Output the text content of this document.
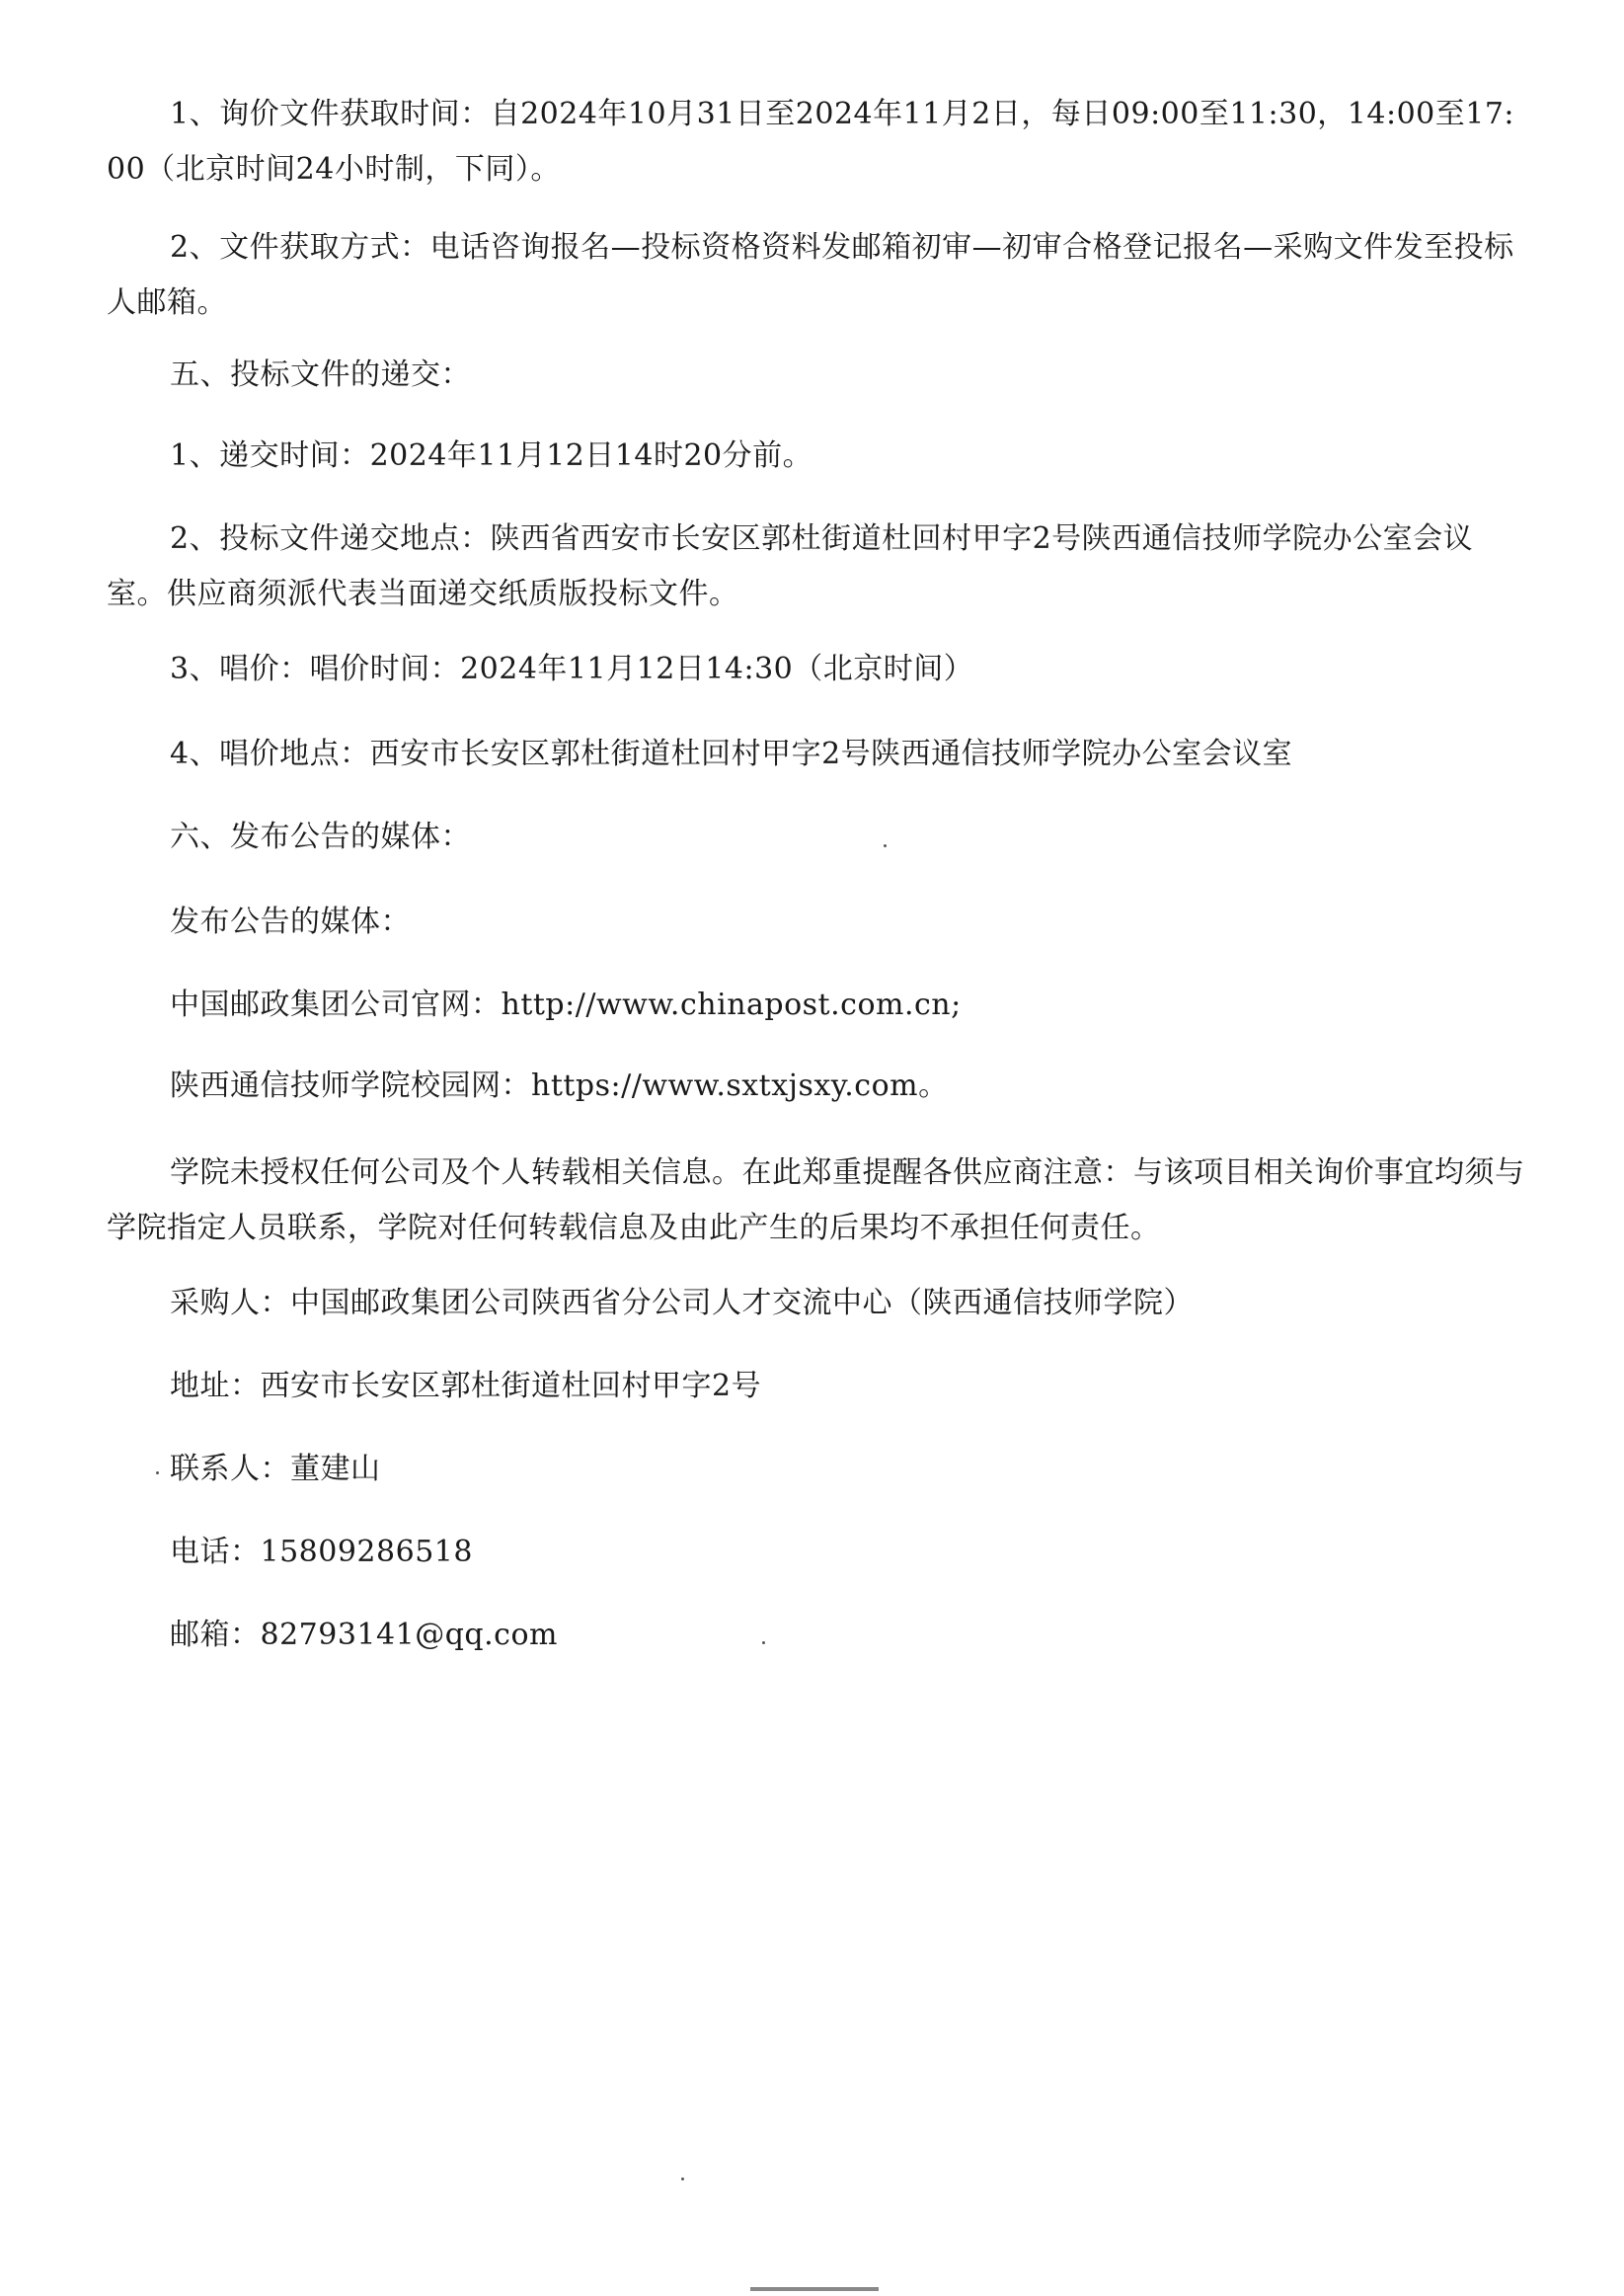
1、询价文件获取时间：自2024年10月31日至2024年11月2日，每日09:00至11:30，14:00至17:00（北京时间24小时制，下同）。

2、文件获取方式：电话咨询报名—投标资格资料发邮箱初审—初审合格登记报名—采购文件发至投标人邮箱。

五、投标文件的递交：

1、递交时间：2024年11月12日14时20分前。

2、投标文件递交地点：陕西省西安市长安区郭杜街道杜回村甲字2号陕西通信技师学院办公室会议室。供应商须派代表当面递交纸质版投标文件。

3、唱价：唱价时间：2024年11月12日14:30（北京时间）

4、唱价地点：西安市长安区郭杜街道杜回村甲字2号陕西通信技师学院办公室会议室

六、发布公告的媒体：

发布公告的媒体：

中国邮政集团公司官网：http://www.chinapost.com.cn;

陕西通信技师学院校园网：https://www.sxtxjsxy.com。

学院未授权任何公司及个人转载相关信息。在此郑重提醒各供应商注意：与该项目相关询价事宜均须与学院指定人员联系，学院对任何转载信息及由此产生的后果均不承担任何责任。

采购人：中国邮政集团公司陕西省分公司人才交流中心（陕西通信技师学院）

地址：西安市长安区郭杜街道杜回村甲字2号

联系人：董建山

电话：15809286518

邮箱：82793141@qq.com
